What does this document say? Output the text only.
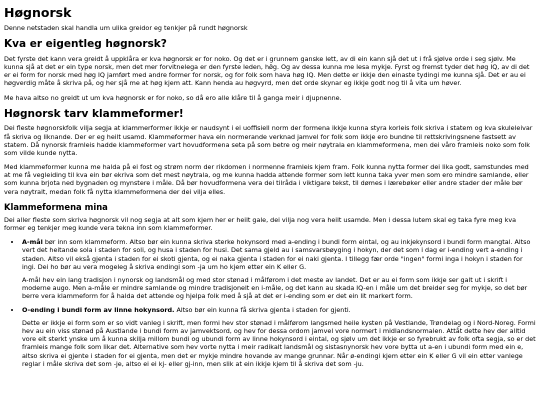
Høgnorsk

Denne netstaden skal handla um ulika greidor eg tenkjer på rundt høgnorsk

Kva er eigentleg høgnorsk?

Det fyrste det kann vera greidt å uppklåra er kva høgnorsk er for noko. Og det er i grunnem ganske lett, av di ein kann sjå det ut i frå sjølve orde i seg sjølv. Me kunna sjå at det er ein type norsk, men det mer forvitnelega er den fyrste leden, hø̄g. Og av dessa kunna me lesa mykje. Fyrst og fremst tyder det høg IQ, av di det er ei form for norsk med høg IQ jamført med andre former for norsk, og for folk som hava høg IQ. Men dette er ikkje den einaste tydingi me kunna sjå. Det er au ei høgverdig måte å skriva på, og her sjå me at høg kjem att. Kann henda au høgvyrd, men det orde skynar eg ikkje godt nog til å vita um høver.

Me hava altso no greidt ut um kva høgnorsk er for noko, so då ero alle klåre til å ganga meir i djupnenne.

Høgnorsk tarv klammeformer!

Dei fleste høgnorskfolk vilja segja at klammerformer ikkje er naudsynt i ei uoffisiell norm der formena ikkje kunna styra korleis folk skriva i statem og kva skuleleivar få skriva og liknande. Der er eg heilt usamd. Klammeformer hava ein normerande verknad jamvel for folk som ikkje ero bundne til rettskrivingsnene fastsett av statem. Då nynorsk framleis hadde klammeformer vart hovudformena seta på som betre og meir nøytrala en klammeformena, men dei våro framleis noko som folk som vilde kunde nytta.

Med klammeformer kunna me halda på ei fost og strøm norm der rikdomen i normenne framleis kjem fram. Folk kunna nytta former dei lika godt, samstundes med at me få vegleiding til kva ein bør ekriva som det mest nøytrala, og me kunna hadda attende former som lett kunna taka yver men som ero mindre samlande, eller som kunna brjota ned bygnaden og mynstere i måle. Då bør hovudformena vera dei tilråda i viktigare tekst, til dømes i lærebøker eller andre stader der måle bør vera nøytralt, medan folk få nytta klammeformena der dei vilja elles.

Klammeformena mina

Dei aller fleste som skriva høgnorsk vil nog segja at alt som kjem her er heilt gale, dei vilja nog vera heilt usamde. Men i dessa lutem skal eg taka fyre meg kva former eg tenkjer meg kunde vera tekna inn som klammeformer.

• A-mål bør inn som klammeform. Altso bør ein kunna skriva sterke hokynsord med a-ending i bundi form eintal, og au inkjekynsord i bundi form mangtal. Altso vert det heitande sola i staden for soli, og husa i staden for husi. Det sama gjeld au i samsvarsbøyging i hokyn, der det som i dag er i-ending vert a-ending i staden. Altso vil ekså gjenta i staden for ei skoti gjenta, og ei naka gjenta i staden for ei naki gjenta. I tillegg fær orde "ingen" formi inga i hokyn i staden for ingi. Dei ho bør au vera mogeleg å skriva endingi som -ja um ho kjem etter ein K eller G.

A-mål hev ein lang tradisjon i nynorsk og landsmål og med stor stønad i målførom i det meste av landet. Det er au ei form som ikkje ser galt ut i skrift i moderne augo. Men a-måle er mindre samlande og mindre tradisjonelt en i-måle, og det kann au skada IQ-en i måle um det breider seg for mykje, so det bør berre vera klammeform for å halda det attende og hjelpa folk med å sjå at det er i-ending som er det ein lit markert form.

• O-ending i bundi form av linne hokynsord. Altso bør ein kunna få skriva gjenta i staden for gjenti.

Dette er ikkje ei form som er so vidt vanleg i skrift, men formi hev stor stønad i målførom langsmed heile kysten på Vestlande, Trøndelag og i Nord-Noreg. Formi hev au ein viss stønad på Austlande i bundi form av jamvektsord, og hev for dessa ordom jamvel vore normert i midlandsnormalen. Attåt dette hev der alltid vore eit sterkt ynske um å kunna skilja millom bundi og ubundi form av linne hokynsord i eintal, og sjølv um det ikkje er so fyrebrukt av folk ofta segja, so er det framleis mange folk som likar det. Alternative som hev vorte nytta i meir radikalt landsmål og sistasnynorsk hev vore bytta ut a-en i ubundi form med ein e, altso skriva ei gjente i staden for ei gjenta, men det er mykje mindre hovande av mange grunnar. Når ø-endingi kjem etter ein K eller G vil ein etter vanlege reglar i måle skriva det som -je, altso ei ei kj- eller gj-inn, men slik at ein ikkje kjem til å skriva det som -ju.
